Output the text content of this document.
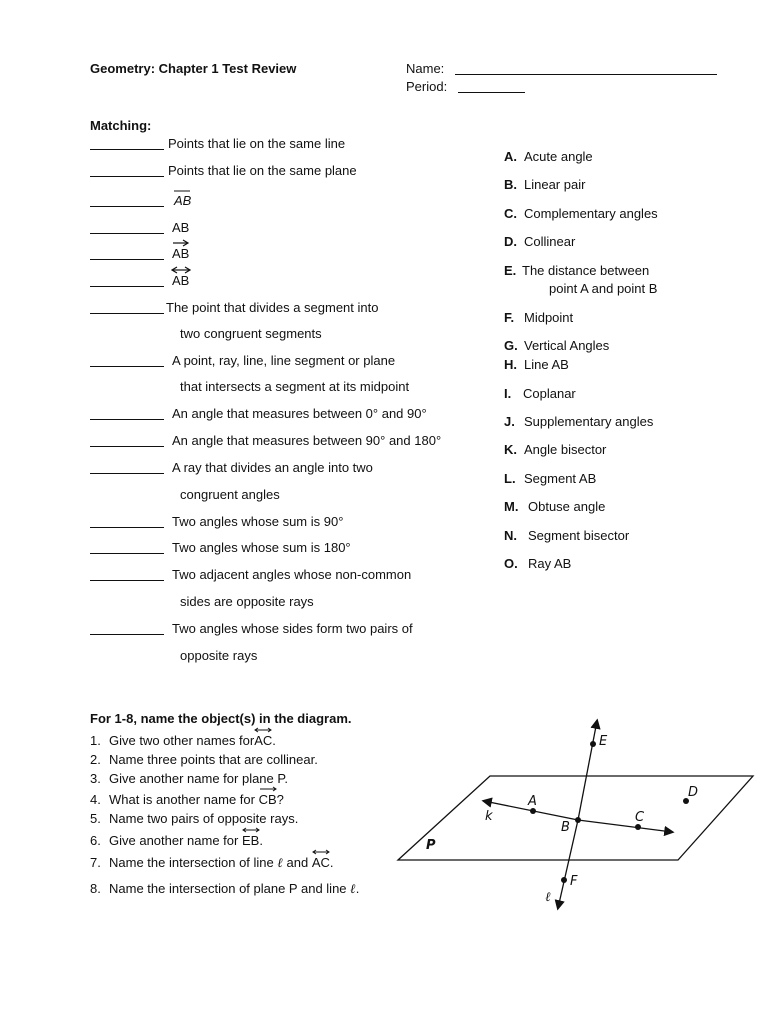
Geometry: Chapter 1 Test Review	Name:
Period:
Matching:
Points that lie on the same line
Points that lie on the same plane
AB
AB
AB
AB
The point that divides a segment into
two congruent segments
A point, ray, line, line segment or plane
that intersects a segment at its midpoint
An angle that measures between 0° and 90°
An angle that measures between 90° and 180°
A ray that divides an angle into two
congruent angles
Two angles whose sum is 90°
Two angles whose sum is 180°
Two adjacent angles whose non-common
sides are opposite rays
Two angles whose sides form two pairs of
opposite rays
A. Acute angle
B. Linear pair
C. Complementary angles
D. Collinear
E. The distance between
point A and point B
F. Midpoint
G. Vertical Angles
H. Line AB
I. Coplanar
J. Supplementary angles
K. Angle bisector
L. Segment AB
M. Obtuse angle
N. Segment bisector
O. Ray AB
For 1-8, name the object(s) in the diagram.
1. Give two other names for
AC.
2. Name three points that are collinear.
3. Give another name for plane P.
4. What is another name for
CB?
5. Name two pairs of opposite rays.
6. Give another name for
EB.
7. Name the intersection of line ℓ and
AC.
8. Name the intersection of plane P and line ℓ.
E
D
A
C
k
B
P
F
ℓ
